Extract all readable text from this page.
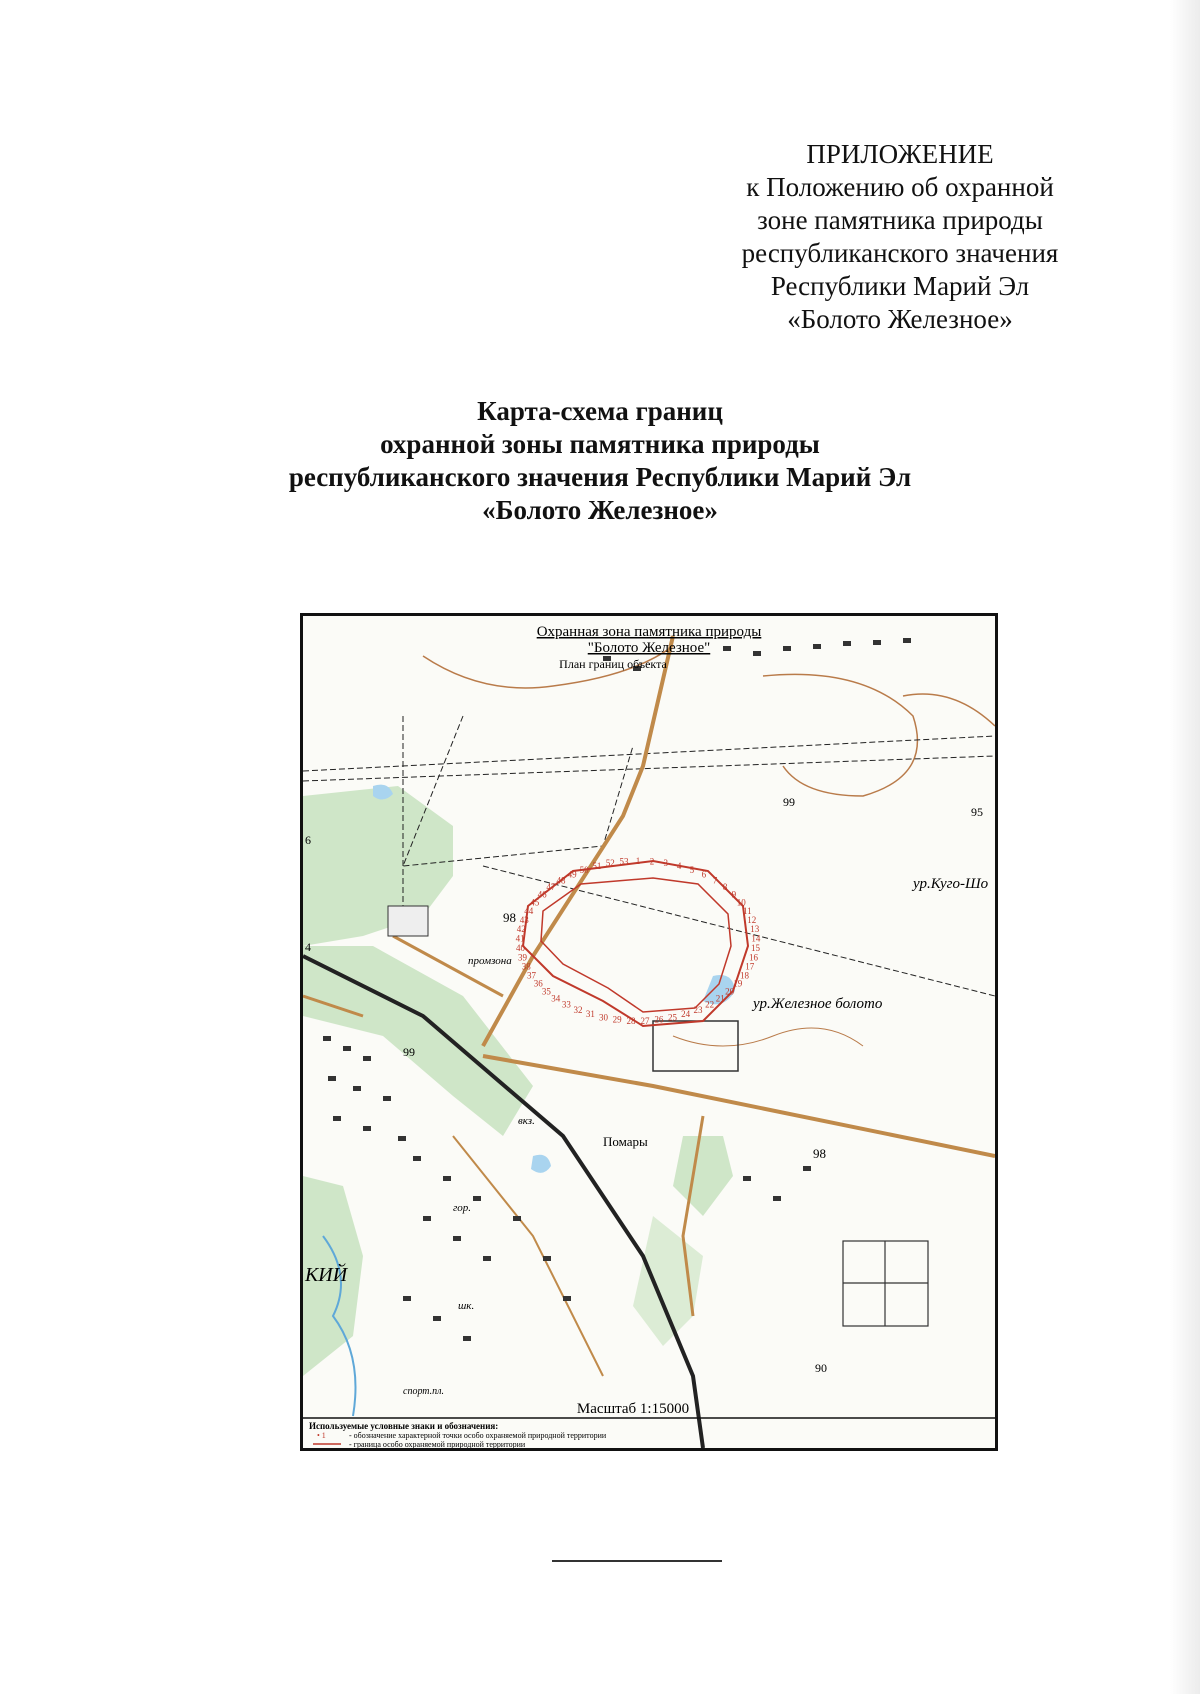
ПРИЛОЖЕНИЕ
к Положению об охранной
зоне памятника природы
республиканского значения
Республики Марий Эл
«Болото Железное»
Карта-схема границ
охранной зоны памятника природы
республиканского значения Республики Марий Эл
«Болото Железное»
Охранная зона памятника природы
"Болото Железное"
План границ объекта
ур.Куго-Шо
ур.Железное болото
промзона
Помары
вкз.
гор.
шк.
спорт.пл.
КИЙ
99
95
98
99
98
90
6
4
1 2 3 4 5 6
7
8
9
10
11
12
13
14
15
16
17
18
19
20
21
22
23
24
25
26
27
28
29
30
31
32
33
34
35
36
37
38
39
40
41
42
43
44
45
46
47
48
49 50 51 52 53
Масштаб 1:15000
Используемые условные знаки и обозначения:
• 1	- обозначение характерной точки особо охраняемой природной территории
- граница особо охраняемой природной территории
